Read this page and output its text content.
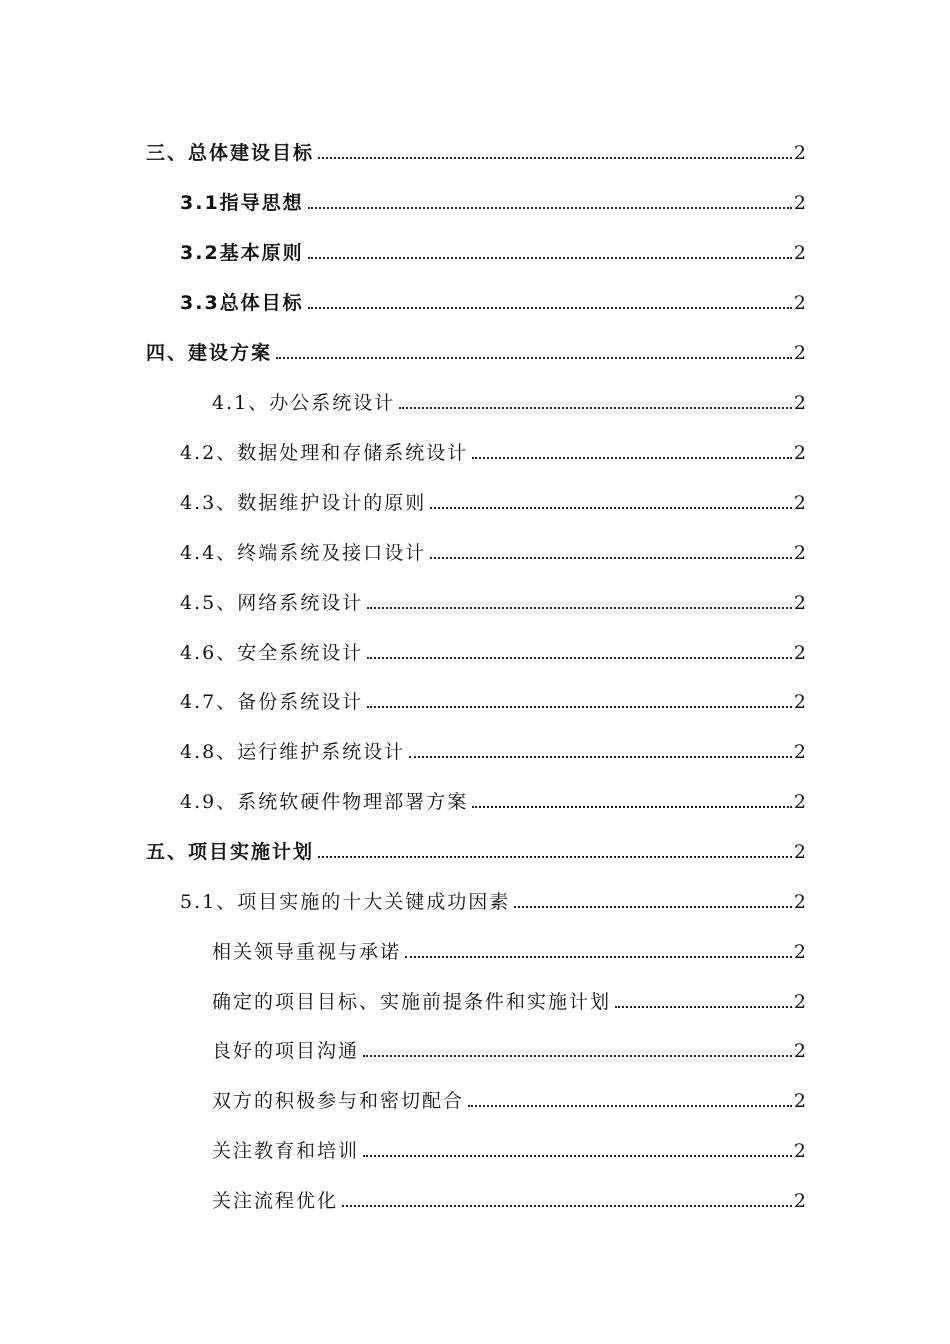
三、总体建设目标	2
3.1指导思想	2
3.2基本原则	2
3.3总体目标	2
四、建设方案	2
4.1、办公系统设计	2
4.2、数据处理和存储系统设计	2
4.3、数据维护设计的原则	2
4.4、终端系统及接口设计	2
4.5、网络系统设计	2
4.6、安全系统设计	2
4.7、备份系统设计	2
4.8、运行维护系统设计	2
4.9、系统软硬件物理部署方案	2
五、项目实施计划	2
5.1、项目实施的十大关键成功因素	2
相关领导重视与承诺	2
确定的项目目标、实施前提条件和实施计划	2
良好的项目沟通	2
双方的积极参与和密切配合	2
关注教育和培训	2
关注流程优化	2
